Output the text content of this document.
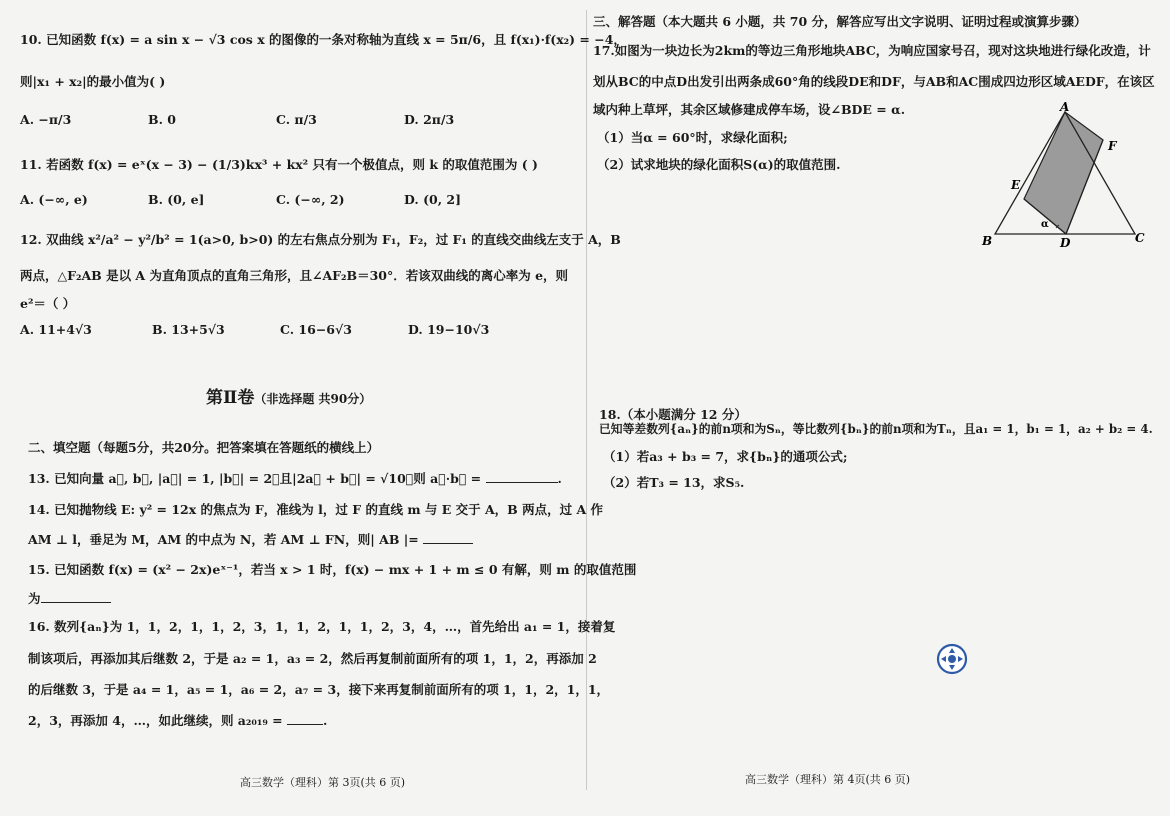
10. 已知函数 f(x) = a sin x − √3 cos x 的图像的一条对称轴为直线 x = 5π/6，且 f(x₁)·f(x₂) = −4，
则|x₁ + x₂|的最小值为( )
A. −π/3	B. 0	C. π/3	D. 2π/3
11. 若函数 f(x) = eˣ(x − 3) − (1/3)kx³ + kx² 只有一个极值点，则 k 的取值范围为 ( )
A. (−∞, e)	B. (0, e]	C. (−∞, 2)	D. (0, 2]
12. 双曲线 x²/a² − y²/b² = 1(a>0, b>0) 的左右焦点分别为 F₁，F₂，过 F₁ 的直线交曲线左支于 A，B
两点，△F₂AB 是以 A 为直角顶点的直角三角形，且∠AF₂B＝30°．若该双曲线的离心率为 e，则
e²＝（ ）
A. 11+4√3	B. 13+5√3	C. 16−6√3	D. 19−10√3
第Ⅱ卷（非选择题 共90分）
二、填空题（每题5分，共20分。把答案填在答题纸的横线上）
13. 已知向量 a⃗, b⃗, |a⃗| = 1, |b⃗| = 2，且|2a⃗ + b⃗| = √10，则 a⃗·b⃗ =	.
14. 已知抛物线 E: y² = 12x 的焦点为 F，准线为 l，过 F 的直线 m 与 E 交于 A，B 两点，过 A 作
AM ⊥ l，垂足为 M，AM 的中点为 N，若 AM ⊥ FN，则| AB |=
15. 已知函数 f(x) = (x² − 2x)eˣ⁻¹，若当 x > 1 时，f(x) − mx + 1 + m ≤ 0 有解，则 m 的取值范围
为
16. 数列{aₙ}为 1，1，2，1，1，2，3，1，1，2，1，1，2，3，4，…，首先给出 a₁ = 1，接着复
制该项后，再添加其后继数 2，于是 a₂ = 1，a₃ = 2，然后再复制前面所有的项 1，1，2，再添加 2
的后继数 3，于是 a₄ = 1，a₅ = 1，a₆ = 2，a₇ = 3，接下来再复制前面所有的项 1，1，2，1，1，
2，3，再添加 4，…，如此继续，则 a₂₀₁₉ =	.
高三数学（理科）第 3页(共 6 页)
三、解答题（本大题共 6 小题，共 70 分，解答应写出文字说明、证明过程或演算步骤）
17.如图为一块边长为2km的等边三角形地块ABC，为响应国家号召，现对这块地进行绿化改造，计
划从BC的中点D出发引出两条成60°角的线段DE和DF，与AB和AC围成四边形区域AEDF，在该区
域内种上草坪，其余区域修建成停车场，设∠BDE = α.
（1）当α = 60°时，求绿化面积;
（2）试求地块的绿化面积S(α)的取值范围.
A
B	C
D
E
F
α
18.（本小题满分 12 分）
已知等差数列{aₙ}的前n项和为Sₙ，等比数列{bₙ}的前n项和为Tₙ，且a₁ = 1，b₁ = 1，a₂ + b₂ = 4.
（1）若a₃ + b₃ = 7，求{bₙ}的通项公式;
（2）若T₃ = 13，求S₅.
高三数学（理科）第 4页(共 6 页)
